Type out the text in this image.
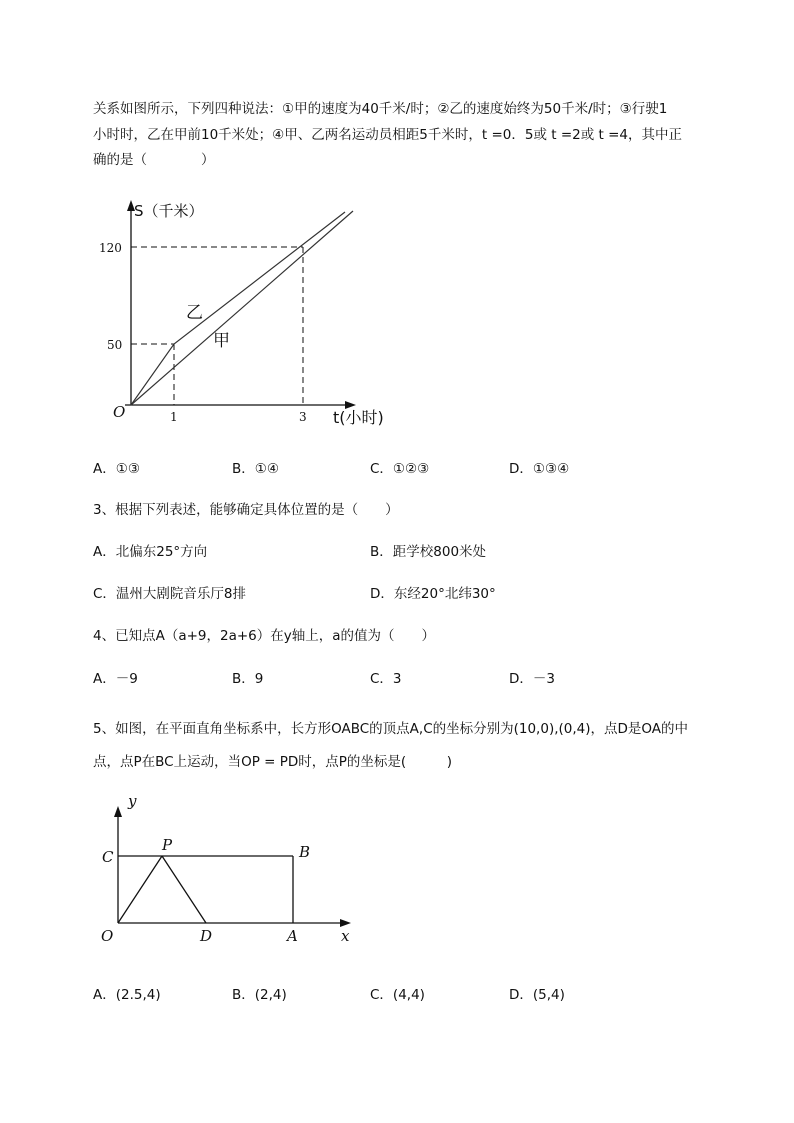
关系如图所示，下列四种说法：①甲的速度为40千米/时；②乙的速度始终为50千米/时；③行驶1
小时时，乙在甲前10千米处；④甲、乙两名运动员相距5千米时，t =0．5或 t =2或 t =4，其中正
确的是（　　　　）
S（千米）
120
50
O	1	3 t(小时)
乙
甲
A．①③	B．①④	C．①②③	D．①③④
3、根据下列表述，能够确定具体位置的是（　　）
A．北偏东25°方向	B．距学校800米处
C．温州大剧院音乐厅8排	D．东经20°北纬30°
4、已知点A（a+9，2a+6）在y轴上，a的值为（　　）
A．－9	B．9	C．3	D．－3
5、如图，在平面直角坐标系中，长方形OABC的顶点A,C的坐标分别为(10,0),(0,4)，点D是OA的中
点，点P在BC上运动，当OP = PD时，点P的坐标是(　　　)
y
C
P	B
O	D	A	x
A．(2.5,4)	B．(2,4)	C．(4,4)	D．(5,4)
